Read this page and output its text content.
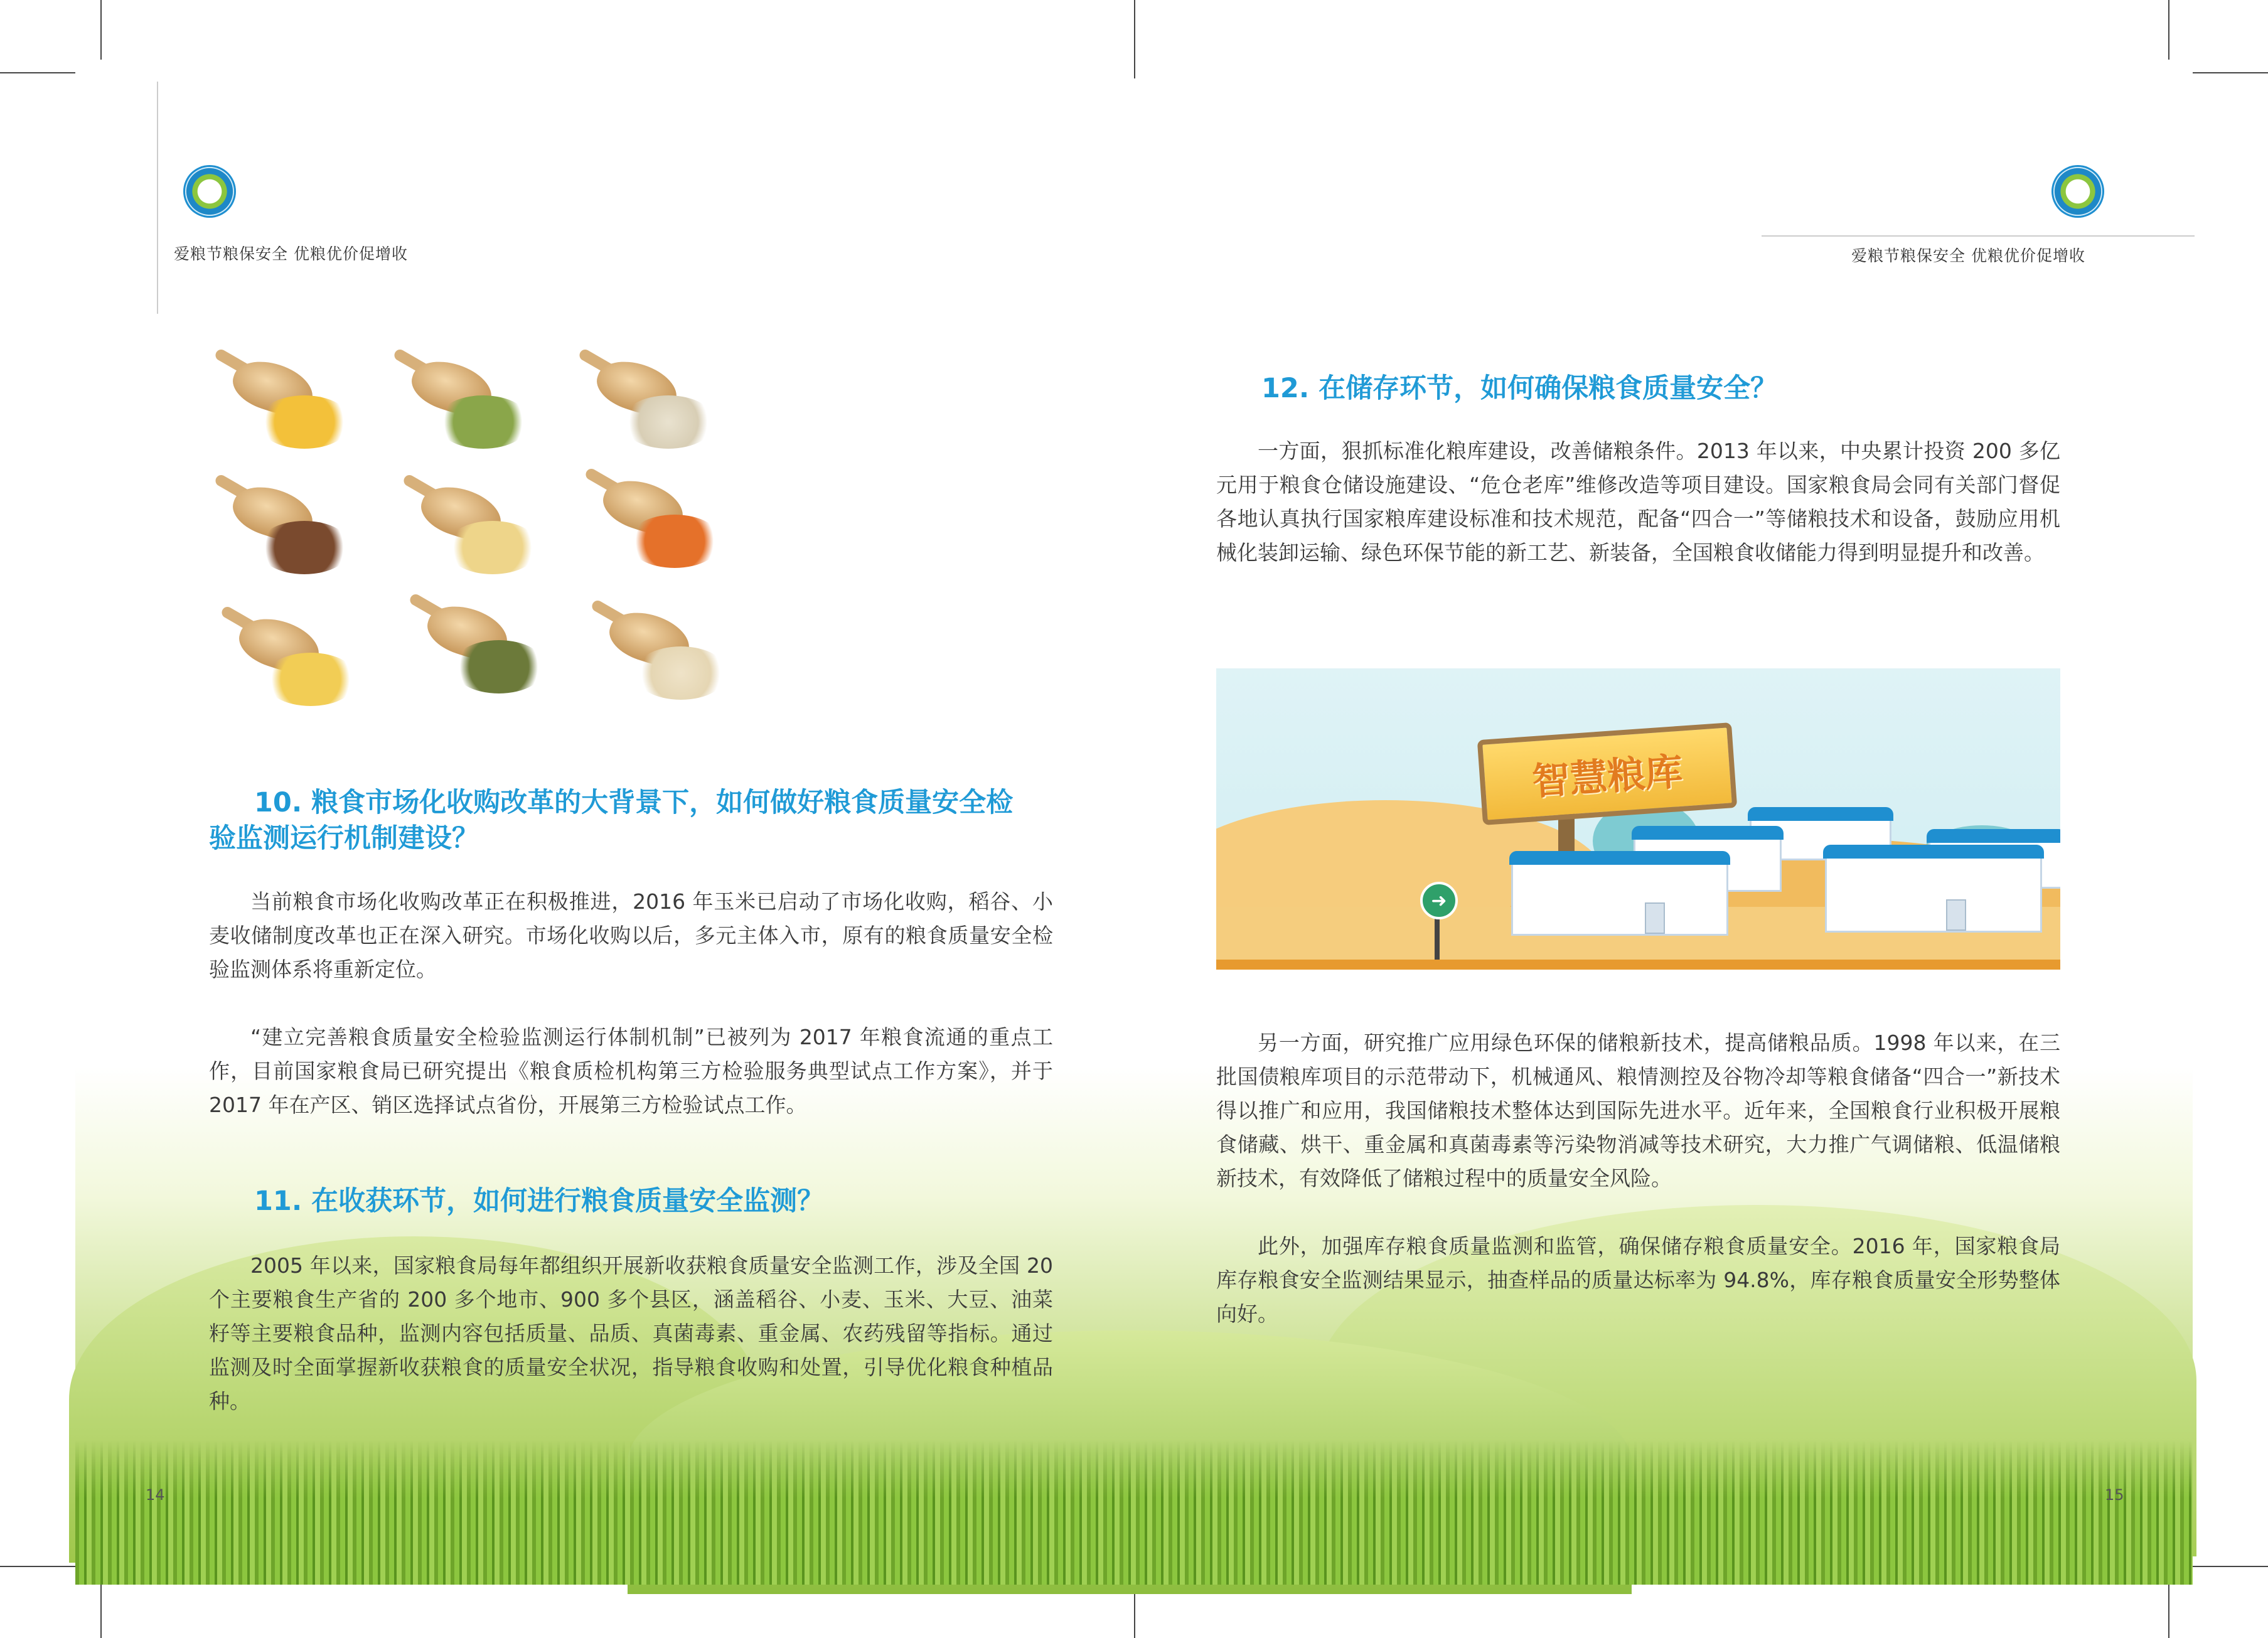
爱粮节粮保安全 优粮优价促增收
10. 粮食市场化收购改革的大背景下，如何做好粮食质量安全检
验监测运行机制建设？

当前粮食市场化收购改革正在积极推进，2016 年玉米已启动了市场化收购，稻谷、小麦收储制度改革也正在深入研究。市场化收购以后，多元主体入市，原有的粮食质量安全检验监测体系将重新定位。

“建立完善粮食质量安全检验监测运行体制机制”已被列为 2017 年粮食流通的重点工作，目前国家粮食局已研究提出《粮食质检机构第三方检验服务典型试点工作方案》，并于 2017 年在产区、销区选择试点省份，开展第三方检验试点工作。

11. 在收获环节，如何进行粮食质量安全监测？

2005 年以来，国家粮食局每年都组织开展新收获粮食质量安全监测工作，涉及全国 20 个主要粮食生产省的 200 多个地市、900 多个县区，涵盖稻谷、小麦、玉米、大豆、油菜籽等主要粮食品种，监测内容包括质量、品质、真菌毒素、重金属、农药残留等指标。通过监测及时全面掌握新收获粮食的质量安全状况，指导粮食收购和处置，引导优化粮食种植品种。

14
爱粮节粮保安全 优粮优价促增收
12. 在储存环节，如何确保粮食质量安全？

一方面，狠抓标准化粮库建设，改善储粮条件。2013 年以来，中央累计投资 200 多亿元用于粮食仓储设施建设、“危仓老库”维修改造等项目建设。国家粮食局会同有关部门督促各地认真执行国家粮库建设标准和技术规范，配备“四合一”等储粮技术和设备，鼓励应用机械化装卸运输、绿色环保节能的新工艺、新装备，全国粮食收储能力得到明显提升和改善。

另一方面，研究推广应用绿色环保的储粮新技术，提高储粮品质。1998 年以来，在三批国债粮库项目的示范带动下，机械通风、粮情测控及谷物冷却等粮食储备“四合一”新技术得以推广和应用，我国储粮技术整体达到国际先进水平。近年来，全国粮食行业积极开展粮食储藏、烘干、重金属和真菌毒素等污染物消减等技术研究，大力推广气调储粮、低温储粮新技术，有效降低了储粮过程中的质量安全风险。

此外，加强库存粮食质量监测和监管，确保储存粮食质量安全。2016 年，国家粮食局库存粮食安全监测结果显示，抽查样品的质量达标率为 94.8%，库存粮食质量安全形势整体向好。

15
智慧粮库
➜
